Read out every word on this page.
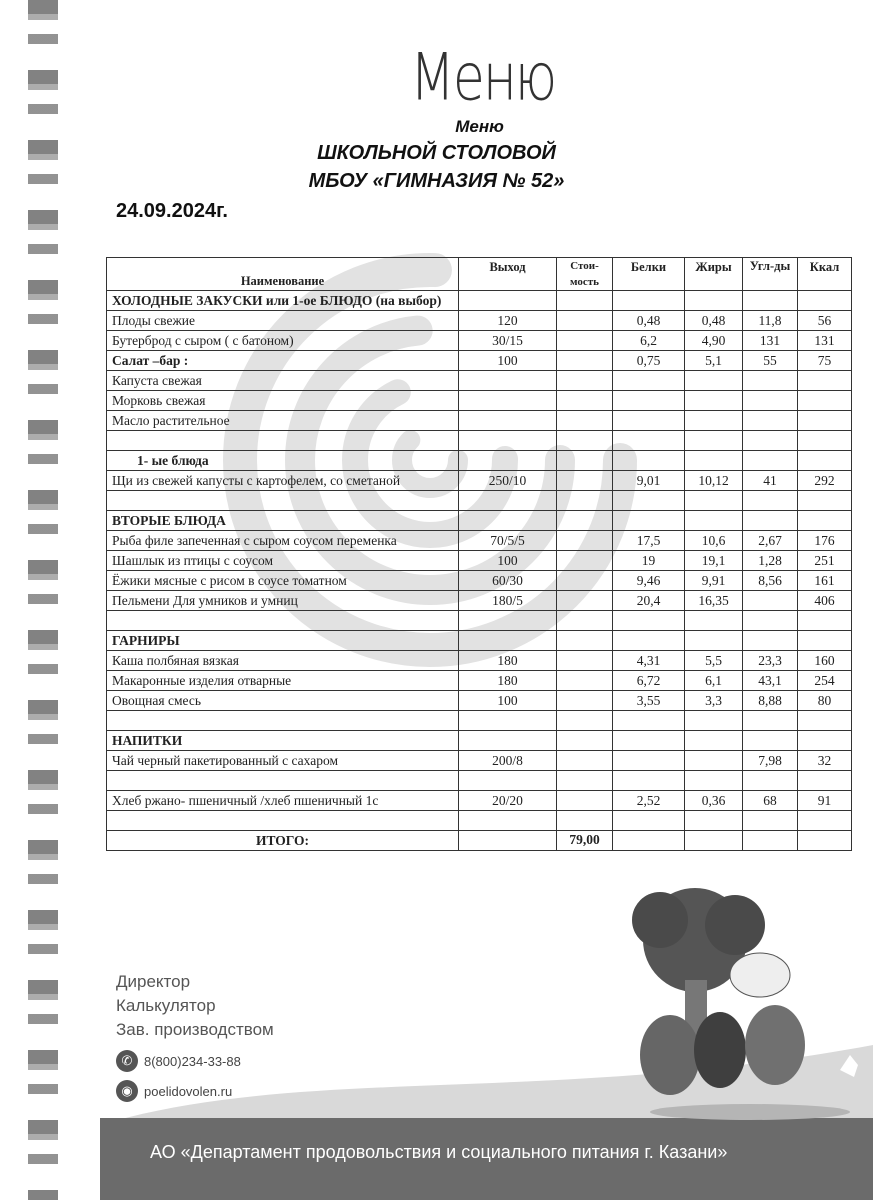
Меню
Меню
ШКОЛЬНОЙ СТОЛОВОЙ
МБОУ «ГИМНАЗИЯ № 52»
24.09.2024г.
Наименование	Выход	Стои-мость	Белки	Жиры	Угл-ды	Ккал
ХОЛОДНЫЕ ЗАКУСКИ или 1-ое БЛЮДО (на выбор)						
Плоды свежие	120		0,48	0,48	11,8	56
Бутерброд с сыром ( с батоном)	30/15		6,2	4,90	131	131
Салат –бар :	100		0,75	5,1	55	75
Капуста свежая						
Морковь свежая						
Масло растительное						

1- ые блюда						
Щи из свежей капусты с картофелем, со сметаной	250/10		9,01	10,12	41	292

ВТОРЫЕ БЛЮДА						
Рыба филе запеченная с сыром соусом переменка	70/5/5		17,5	10,6	2,67	176
Шашлык из птицы с соусом	100		19	19,1	1,28	251
Ёжики мясные с рисом в соусе томатном	60/30		9,46	9,91	8,56	161
Пельмени Для умников и умниц	180/5		20,4	16,35		406

ГАРНИРЫ						
Каша полбяная вязкая	180		4,31	5,5	23,3	160
Макаронные изделия отварные	180		6,72	6,1	43,1	254
Овощная смесь	100		3,55	3,3	8,88	80

НАПИТКИ						
Чай черный пакетированный с сахаром	200/8				7,98	32

Хлеб ржано- пшеничный /хлеб пшеничный 1с	20/20		2,52	0,36	68	91

ИТОГО:		79,00				
Директор
Калькулятор
Зав. производством
✆ 8(800)234-33-88
◉ poelidovolen.ru
АО «Департамент продовольствия и социального питания г. Казани»
